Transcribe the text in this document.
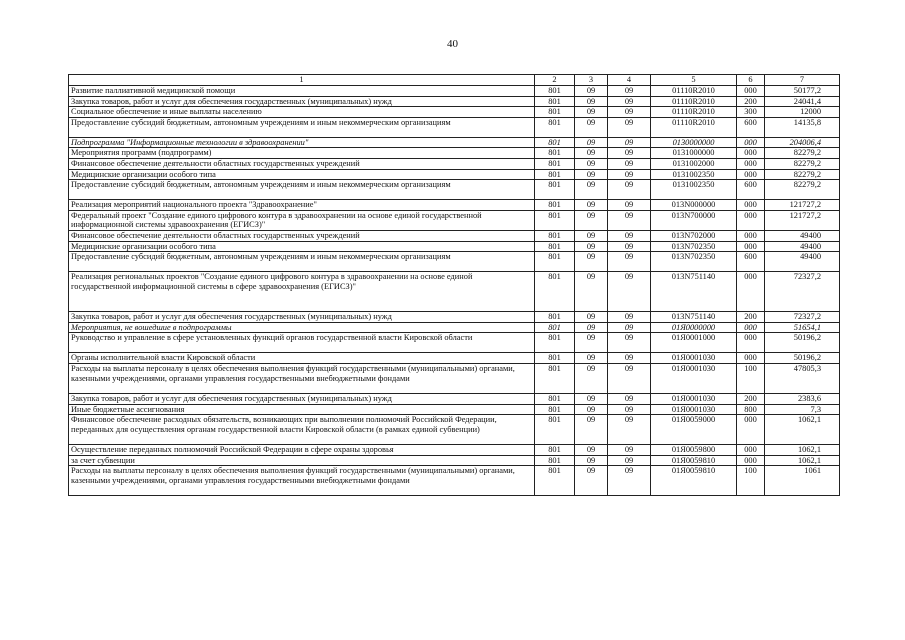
40
1	2	3	4	5	6	7
Развитие паллиативной медицинской помощи	801	09	09	01110R2010	000	50177,2
Закупка товаров, работ и услуг для обеспечения государственных (муниципальных) нужд	801	09	09	01110R2010	200	24041,4
Социальное обеспечение и иные выплаты населению	801	09	09	01110R2010	300	12000
Предоставление субсидий бюджетным, автономным учреждениям и иным некоммерческим организациям	801	09	09	01110R2010	600	14135,8
Подпрограмма "Информационные технологии в здравоохранении"	801	09	09	0130000000	000	204006,4
Мероприятия программ (подпрограмм)	801	09	09	0131000000	000	82279,2
Финансовое обеспечение деятельности областных государственных учреждений	801	09	09	0131002000	000	82279,2
Медицинские организации особого типа	801	09	09	0131002350	000	82279,2
Предоставление субсидий бюджетным, автономным учреждениям и иным некоммерческим организациям	801	09	09	0131002350	600	82279,2
Реализация мероприятий национального проекта "Здравоохранение"	801	09	09	013N000000	000	121727,2
Федеральный проект "Создание единого цифрового контура в здравоохранении на основе единой государственной информационной системы здравоохранения (ЕГИСЗ)"	801	09	09	013N700000	000	121727,2
Финансовое обеспечение деятельности областных государственных учреждений	801	09	09	013N702000	000	49400
Медицинские организации особого типа	801	09	09	013N702350	000	49400
Предоставление субсидий бюджетным, автономным учреждениям и иным некоммерческим организациям	801	09	09	013N702350	600	49400
Реализация региональных проектов "Создание единого цифрового контура в здравоохранении на основе единой государственной информационной системы в сфере здравоохранения (ЕГИСЗ)"	801	09	09	013N751140	000	72327,2
Закупка товаров, работ и услуг для обеспечения государственных (муниципальных) нужд	801	09	09	013N751140	200	72327,2
Мероприятия, не вошедшие в подпрограммы	801	09	09	01Я0000000	000	51654,1
Руководство и управление в сфере установленных функций органов государственной власти Кировской области	801	09	09	01Я0001000	000	50196,2
Органы исполнительной власти Кировской области	801	09	09	01Я0001030	000	50196,2
Расходы на выплаты персоналу в целях обеспечения выполнения функций государственными (муниципальными) органами, казенными учреждениями, органами управления государственными внебюджетными фондами	801	09	09	01Я0001030	100	47805,3
Закупка товаров, работ и услуг для обеспечения государственных (муниципальных) нужд	801	09	09	01Я0001030	200	2383,6
Иные бюджетные ассигнования	801	09	09	01Я0001030	800	7,3
Финансовое обеспечение расходных обязательств, возникающих при выполнении полномочий Российской Федерации, переданных для осуществления органам государственной власти Кировской области (в рамках единой субвенции)	801	09	09	01Я0059000	000	1062,1
Осуществление переданных полномочий Российской Федерации в сфере охраны здоровья	801	09	09	01Я0059800	000	1062,1
за счет субвенции	801	09	09	01Я0059810	000	1062,1
Расходы на выплаты персоналу в целях обеспечения выполнения функций государственными (муниципальными) органами, казенными учреждениями, органами управления государственными внебюджетными фондами	801	09	09	01Я0059810	100	1061
